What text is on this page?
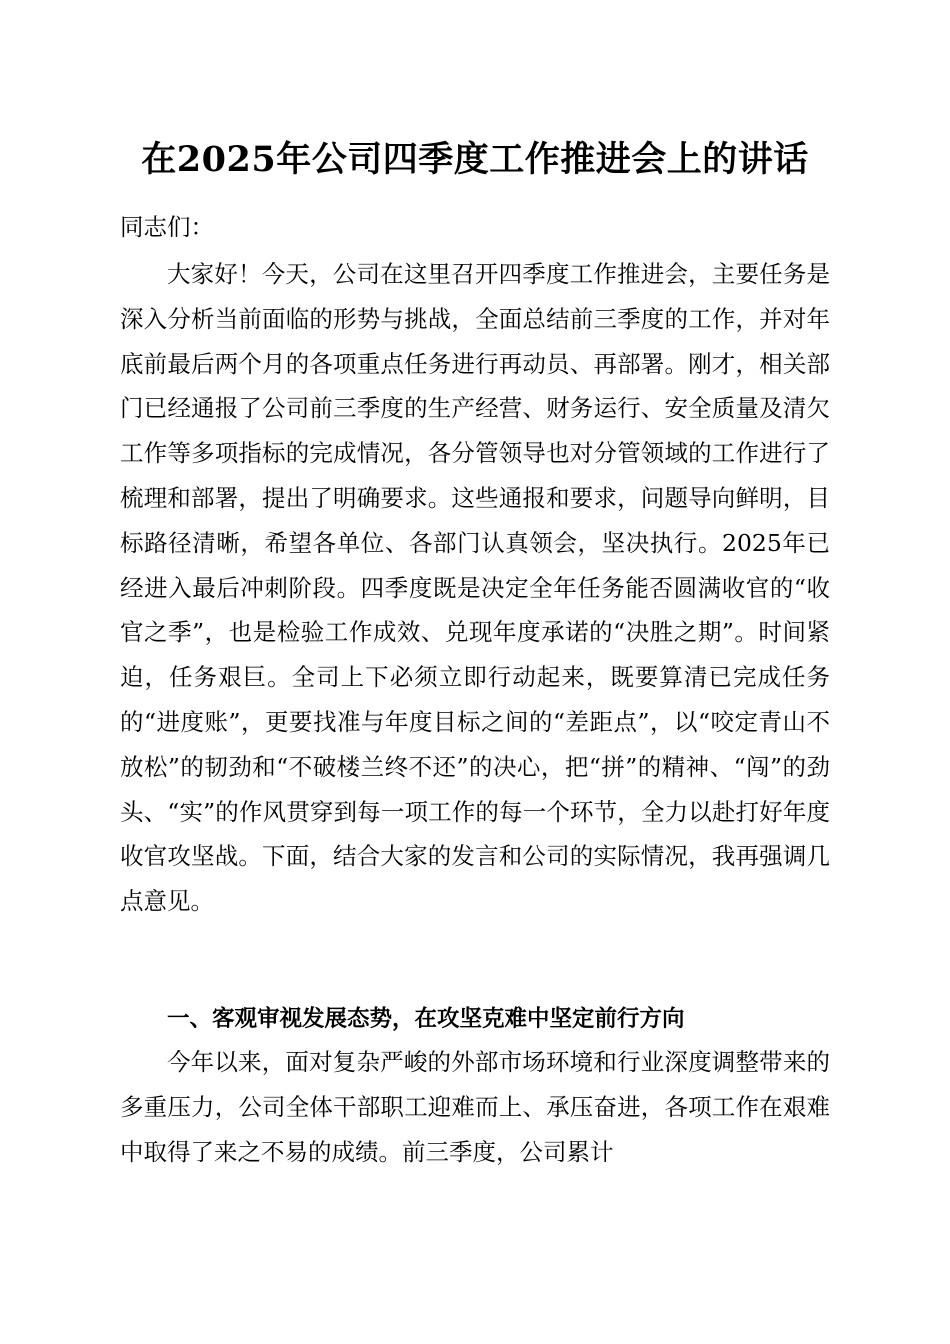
在2025年公司四季度工作推进会上的讲话

同志们：

大家好！今天，公司在这里召开四季度工作推进会，主要任务是深入分析当前面临的形势与挑战，全面总结前三季度的工作，并对年底前最后两个月的各项重点任务进行再动员、再部署。刚才，相关部门已经通报了公司前三季度的生产经营、财务运行、安全质量及清欠工作等多项指标的完成情况，各分管领导也对分管领域的工作进行了梳理和部署，提出了明确要求。这些通报和要求，问题导向鲜明，目标路径清晰，希望各单位、各部门认真领会，坚决执行。2025年已经进入最后冲刺阶段。四季度既是决定全年任务能否圆满收官的“收官之季”，也是检验工作成效、兑现年度承诺的“决胜之期”。时间紧迫，任务艰巨。全司上下必须立即行动起来，既要算清已完成任务的“进度账”，更要找准与年度目标之间的“差距点”，以“咬定青山不放松”的韧劲和“不破楼兰终不还”的决心，把“拼”的精神、“闯”的劲头、“实”的作风贯穿到每一项工作的每一个环节，全力以赴打好年度收官攻坚战。下面，结合大家的发言和公司的实际情况，我再强调几点意见。

一、客观审视发展态势，在攻坚克难中坚定前行方向

今年以来，面对复杂严峻的外部市场环境和行业深度调整带来的多重压力，公司全体干部职工迎难而上、承压奋进，各项工作在艰难中取得了来之不易的成绩。前三季度，公司累计
